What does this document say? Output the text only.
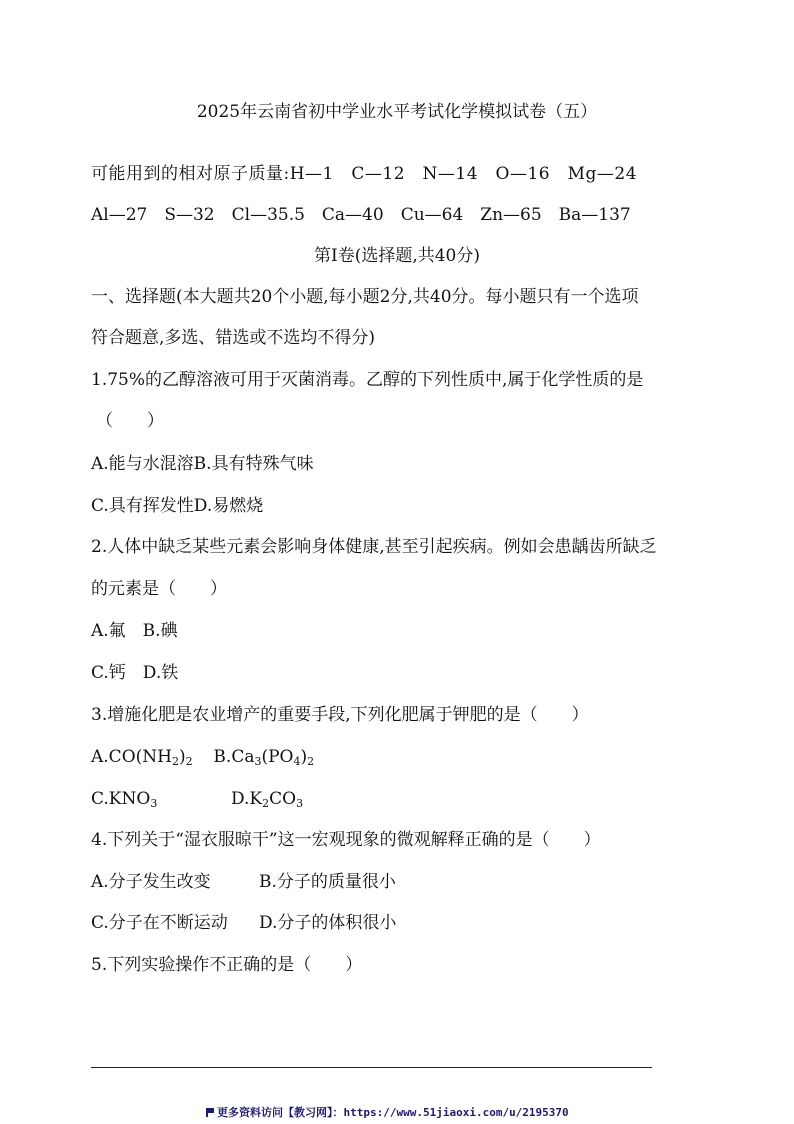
2025年云南省初中学业水平考试化学模拟试卷（五）
可能用到的相对原子质量:H—1　C—12　N—14　O—16　Mg—24
Al—27　S—32　Cl—35.5　Ca—40　Cu—64　Zn—65　Ba—137
第Ⅰ卷(选择题,共40分)
一、选择题(本大题共20个小题,每小题2分,共40分。每小题只有一个选项
符合题意,多选、错选或不选均不得分)
1.75%的乙醇溶液可用于灭菌消毒。乙醇的下列性质中,属于化学性质的是
（　　）
A.能与水混溶B.具有特殊气味
C.具有挥发性D.易燃烧
2.人体中缺乏某些元素会影响身体健康,甚至引起疾病。例如会患龋齿所缺乏
的元素是（　　）
A.氟　B.碘
C.钙　D.铁
3.增施化肥是农业增产的重要手段,下列化肥属于钾肥的是（　　）
$A.CO(NH_2)_2$ $B.Ca_3(PO_4)_2$
$C.KNO_3$	$D.K_2CO_3$
4.下列关于“湿衣服晾干”这一宏观现象的微观解释正确的是（　　）
A.分子发生改变	B.分子的质量很小
C.分子在不断运动 D.分子的体积很小
5.下列实验操作不正确的是（　　）
更多资料访问【教习网】：https://www.51jiaoxi.com/u/2195370
